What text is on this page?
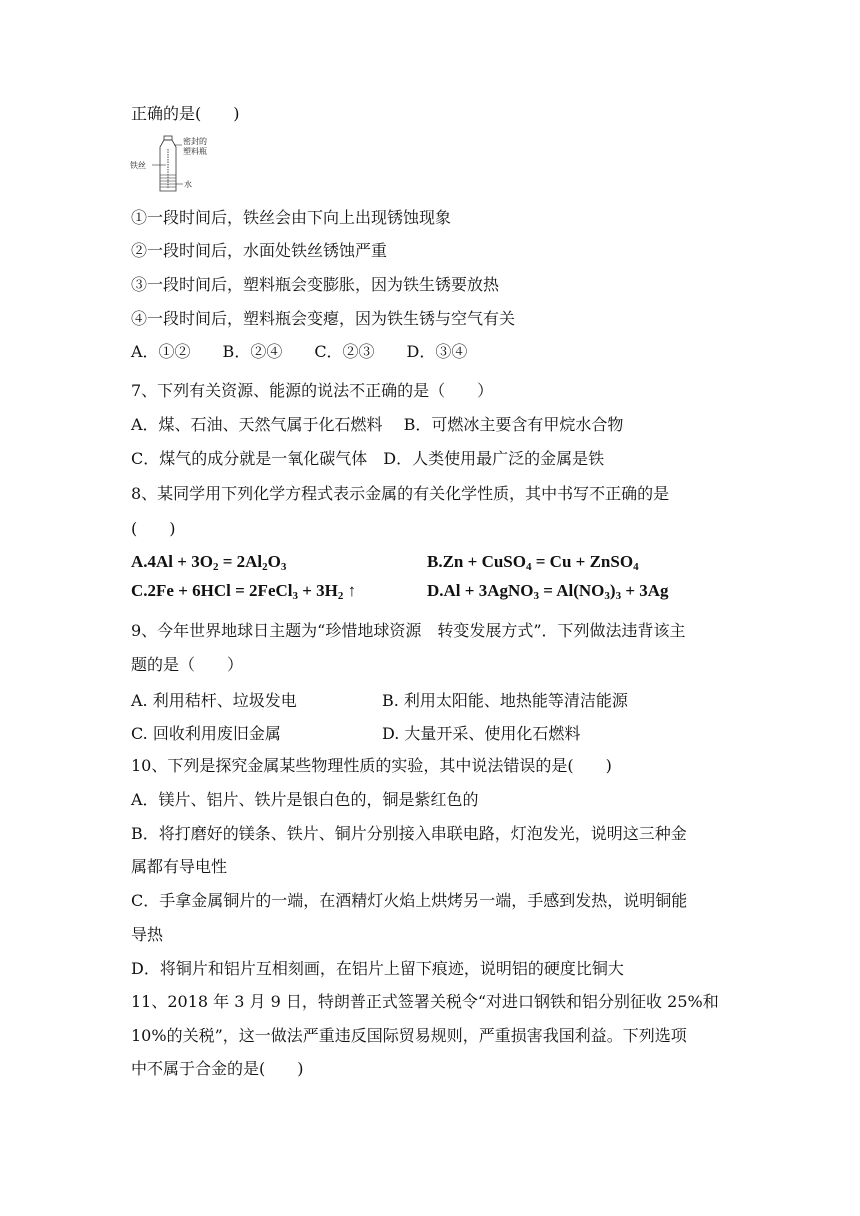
正确的是(　　)
密封的
塑料瓶
铁丝
水
①一段时间后，铁丝会由下向上出现锈蚀现象
②一段时间后，水面处铁丝锈蚀严重
③一段时间后，塑料瓶会变膨胀，因为铁生锈要放热
④一段时间后，塑料瓶会变瘪，因为铁生锈与空气有关
A．①②　　B．②④　　C．②③　　D．③④
7、下列有关资源、能源的说法不正确的是（　　）
A．煤、石油、天然气属于化石燃料　 B．可燃冰主要含有甲烷水合物
C．煤气的成分就是一氧化碳气体　D．人类使用最广泛的金属是铁
8、某同学用下列化学方程式表示金属的有关化学性质，其中书写不正确的是
(　　)
$A.4Al + 3O_2 = 2Al_2O_3$	B.Zn + CuSO$_4$ = Cu + ZnSO$_4$
C.2Fe + 6HCl = 2FeCl$_3$ + $3H_2$ ↑	D.Al + 3AgNO$_3$ = $Al(NO_3)_3 + 3Ag$
9、今年世界地球日主题为“珍惜地球资源　转变发展方式”．下列做法违背该主
题的是（　　）
A. 利用秸杆、垃圾发电	B. 利用太阳能、地热能等清洁能源
C. 回收利用废旧金属	D. 大量开采、使用化石燃料
10、下列是探究金属某些物理性质的实验，其中说法错误的是(　　)
A．镁片、铝片、铁片是银白色的，铜是紫红色的
B．将打磨好的镁条、铁片、铜片分别接入串联电路，灯泡发光，说明这三种金
属都有导电性
C．手拿金属铜片的一端，在酒精灯火焰上烘烤另一端，手感到发热，说明铜能
导热
D．将铜片和铝片互相刻画，在铝片上留下痕迹，说明铝的硬度比铜大
11、2018 年 3 月 9 日，特朗普正式签署关税令“对进口钢铁和铝分别征收 25%和
10%的关税”，这一做法严重违反国际贸易规则，严重损害我国利益。下列选项
中不属于合金的是(　　)
